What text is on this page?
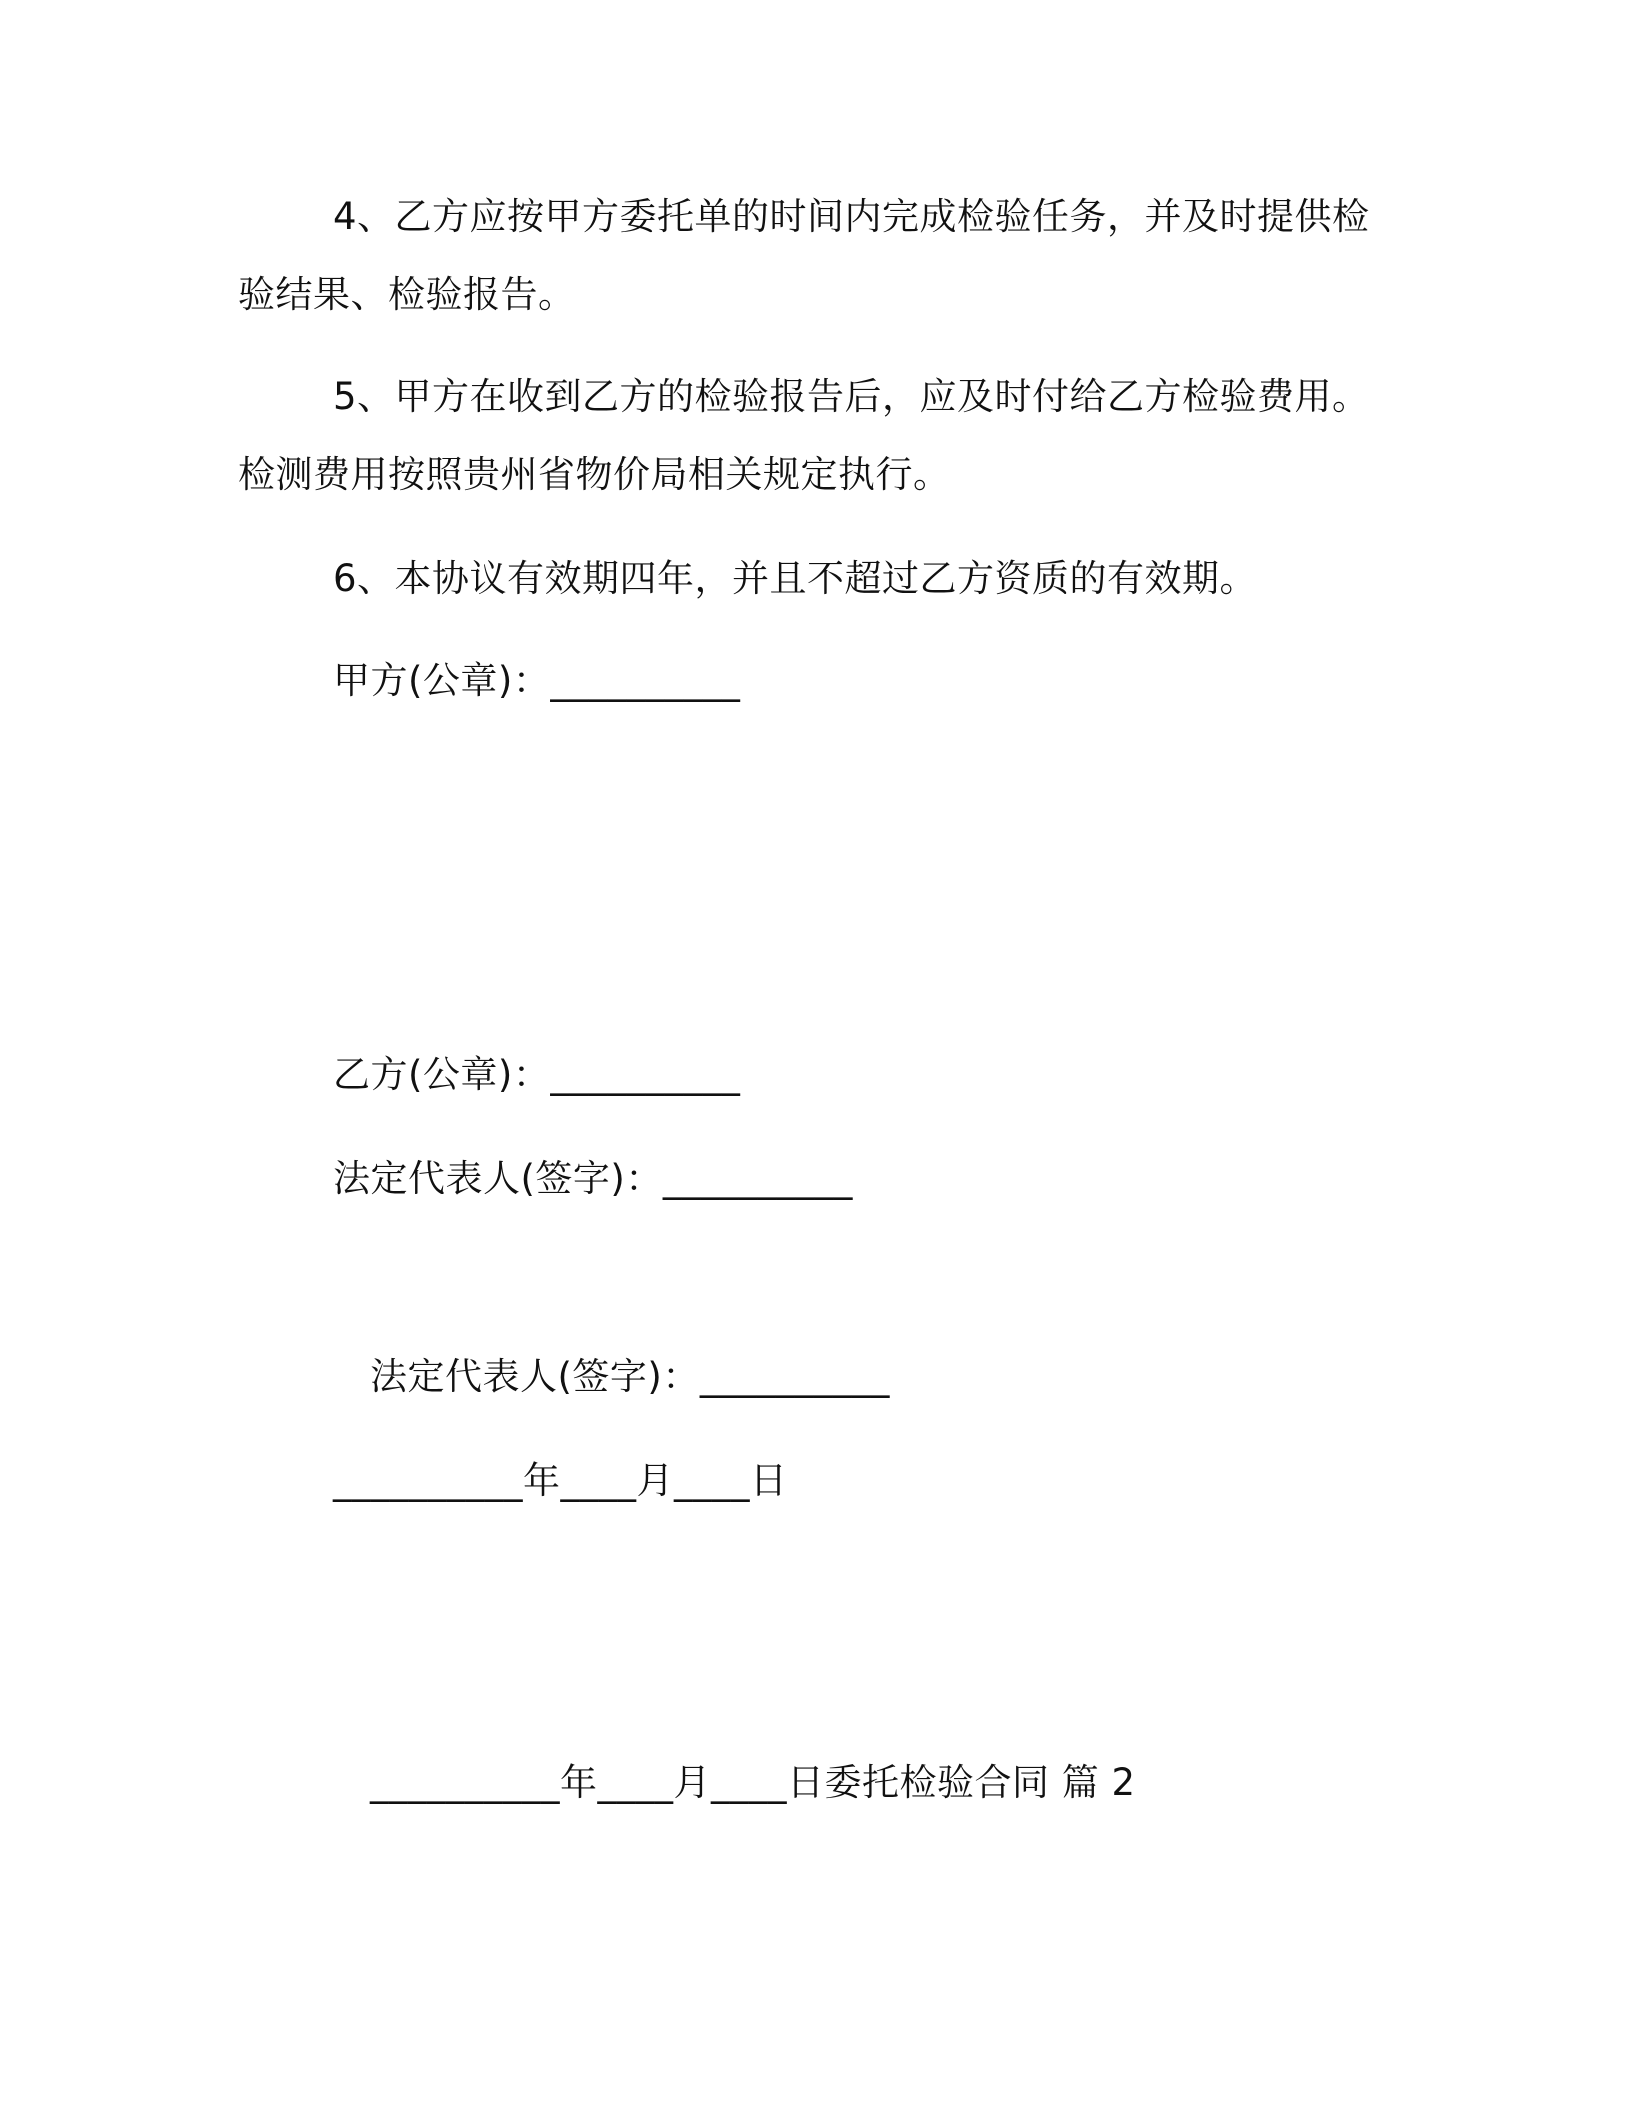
4、乙方应按甲方委托单的时间内完成检验任务，并及时提供检
验结果、检验报告。
5、甲方在收到乙方的检验报告后，应及时付给乙方检验费用。
检测费用按照贵州省物价局相关规定执行。
6、本协议有效期四年，并且不超过乙方资质的有效期。
甲方(公章)：__________
乙方(公章)：__________
法定代表人(签字)：__________
法定代表人(签字)：__________
__________年____月____日
__________年____月____日委托检验合同 篇 2
